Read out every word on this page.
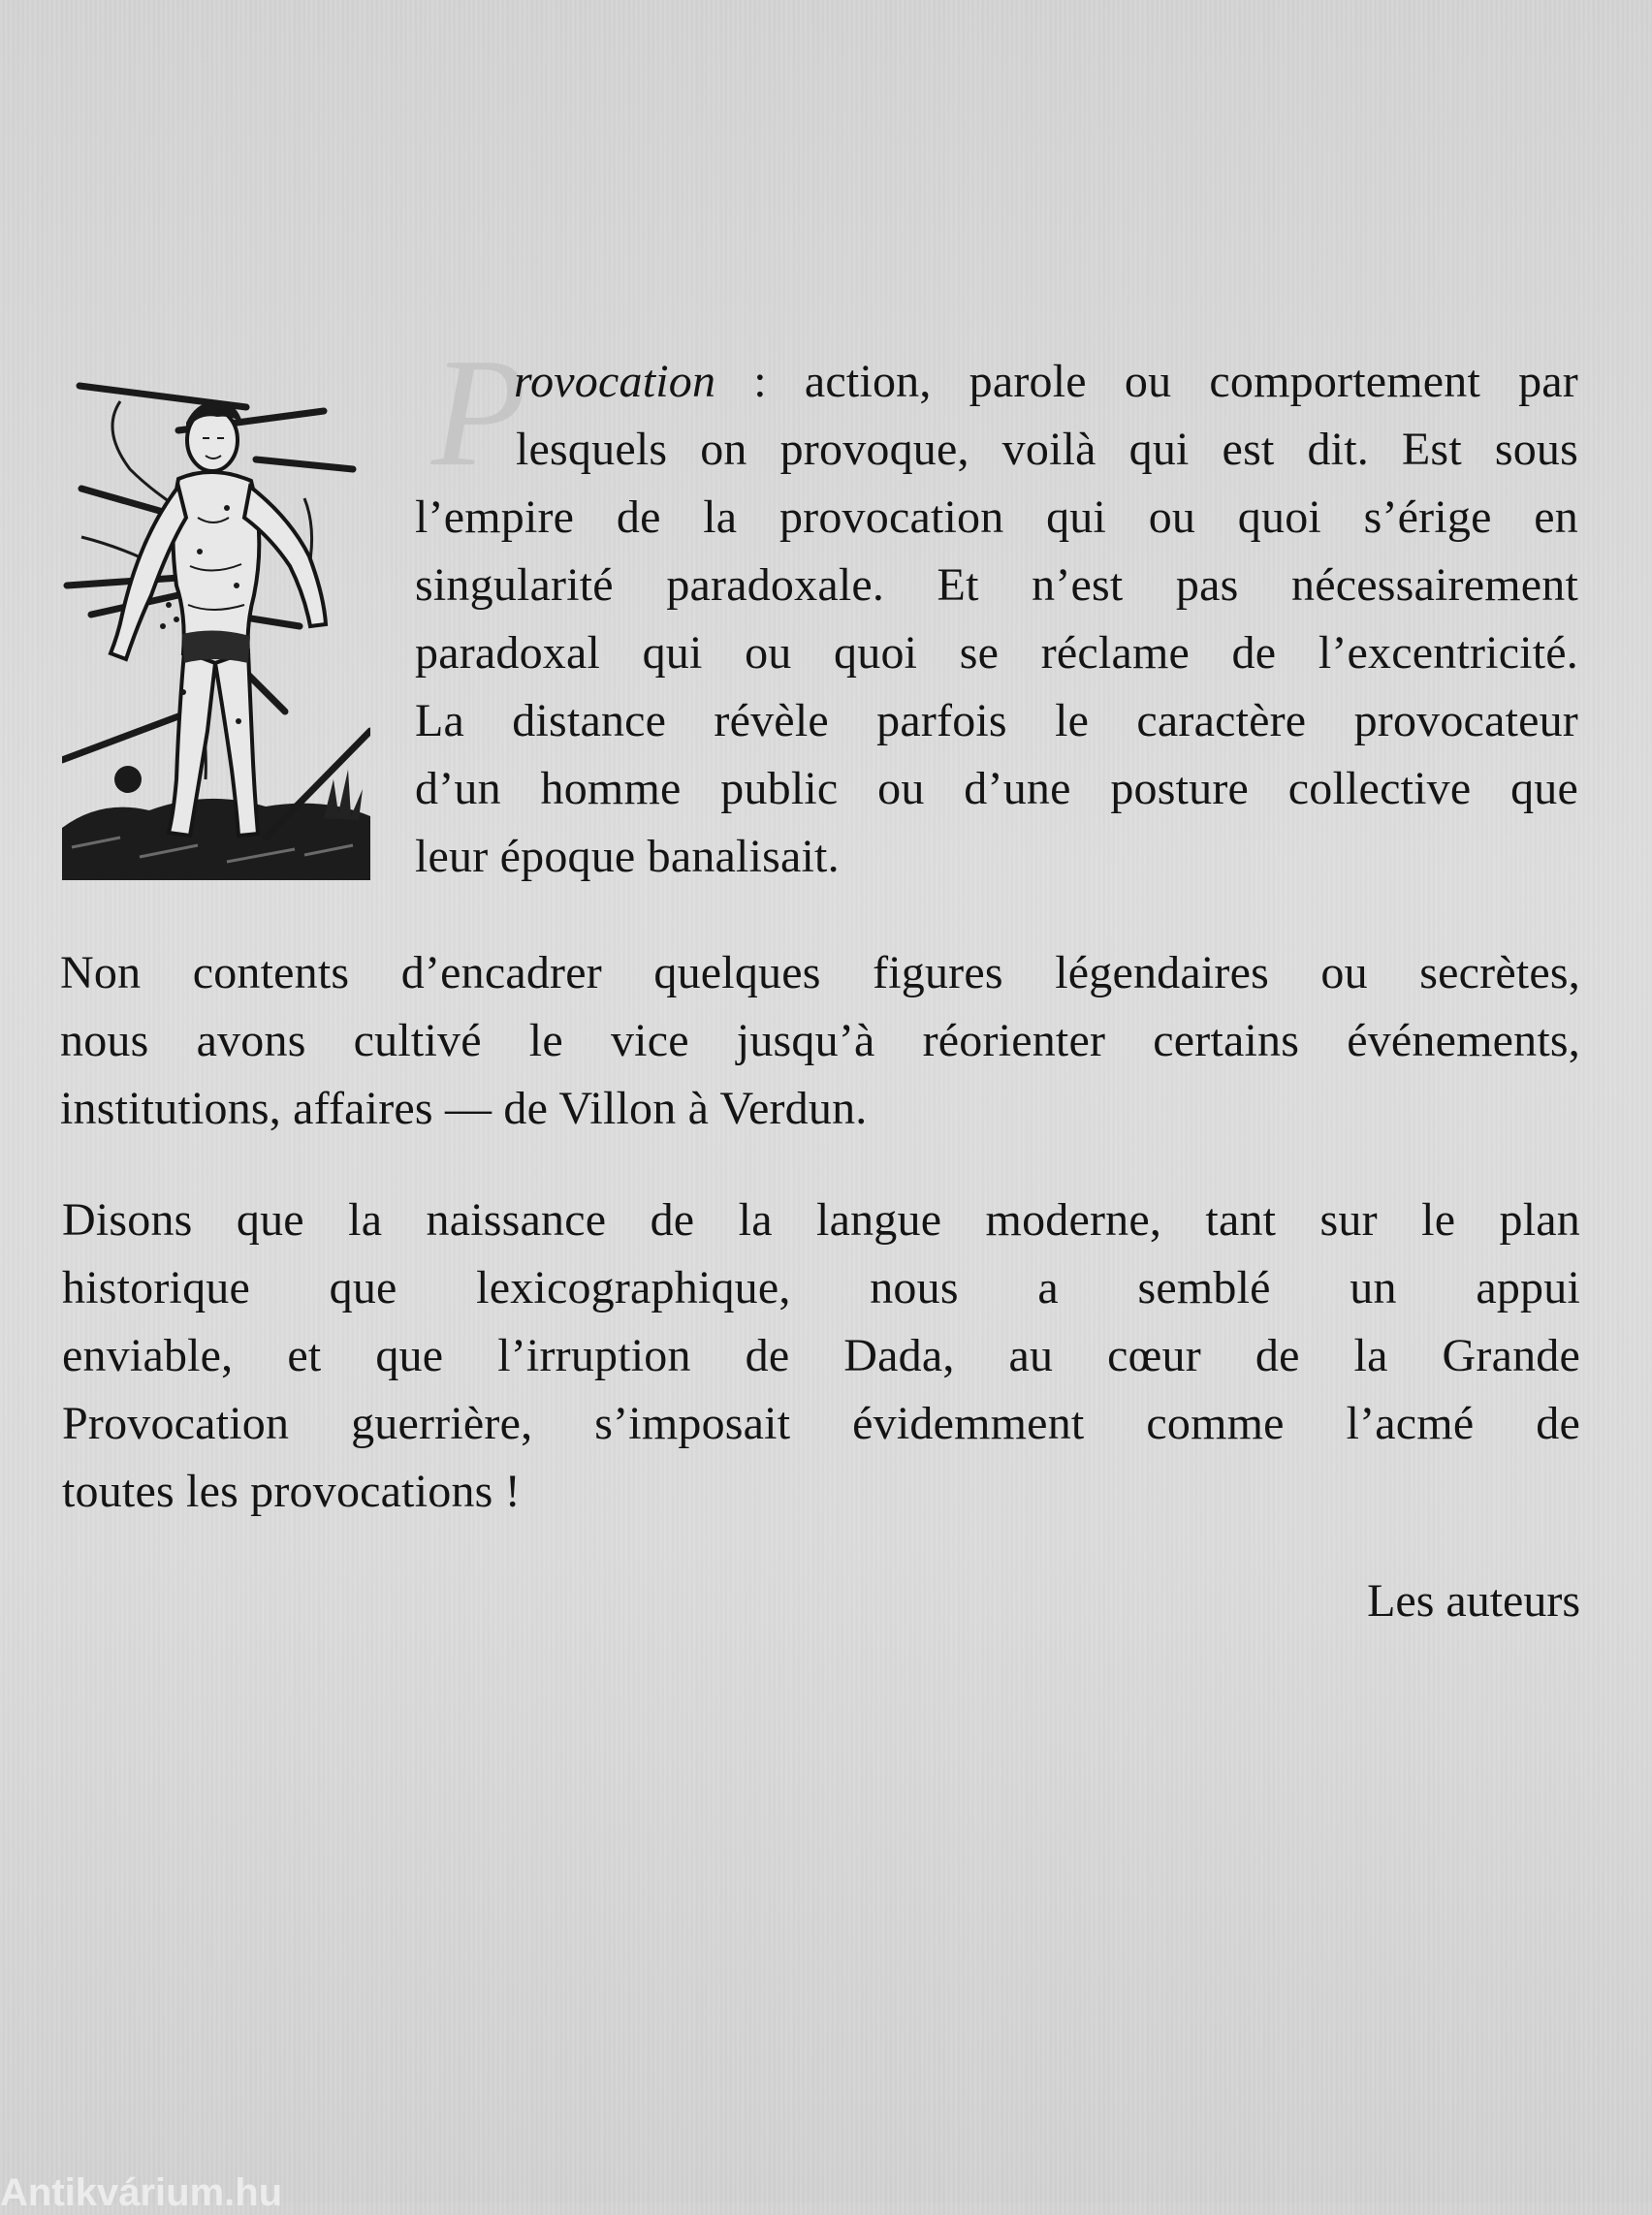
P
rovocation : action, parole ou comportement par
lesquels on provoque, voilà qui est dit. Est sous
l’empire de la provocation qui ou quoi s’érige en
singularité paradoxale. Et n’est pas nécessairement
paradoxal qui ou quoi se réclame de l’excentricité.
La distance révèle parfois le caractère provocateur
d’un homme public ou d’une posture collective que
leur époque banalisait.
Non contents d’encadrer quelques figures légendaires ou secrètes,
nous avons cultivé le vice jusqu’à réorienter certains événements,
institutions, affaires — de Villon à Verdun.
Disons que la naissance de la langue moderne, tant sur le plan
historique que lexicographique, nous a semblé un appui
enviable, et que l’irruption de Dada, au cœur de la Grande
Provocation guerrière, s’imposait évidemment comme l’acmé de
toutes les provocations !
Les auteurs
Antikvárium.hu
